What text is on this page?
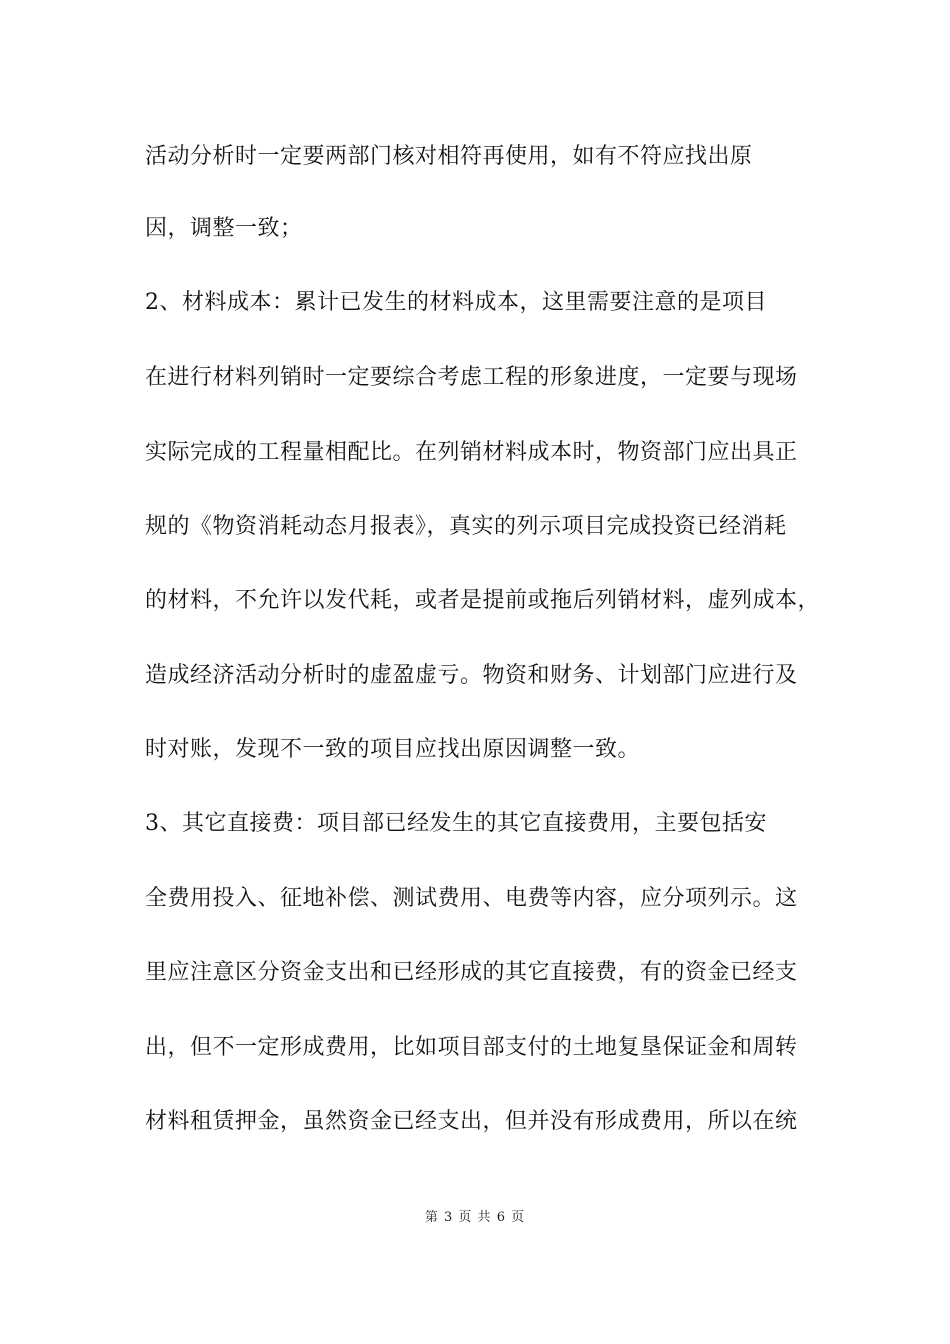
活动分析时一定要两部门核对相符再使用，如有不符应找出原
因，调整一致；
2、材料成本：累计已发生的材料成本，这里需要注意的是项目
在进行材料列销时一定要综合考虑工程的形象进度，一定要与现场
实际完成的工程量相配比。在列销材料成本时，物资部门应出具正
规的《物资消耗动态月报表》，真实的列示项目完成投资已经消耗
的材料，不允许以发代耗，或者是提前或拖后列销材料，虚列成本，
造成经济活动分析时的虚盈虚亏。物资和财务、计划部门应进行及
时对账，发现不一致的项目应找出原因调整一致。
3、其它直接费：项目部已经发生的其它直接费用，主要包括安
全费用投入、征地补偿、测试费用、电费等内容，应分项列示。这
里应注意区分资金支出和已经形成的其它直接费，有的资金已经支
出，但不一定形成费用，比如项目部支付的土地复垦保证金和周转
材料租赁押金，虽然资金已经支出，但并没有形成费用，所以在统
第 3 页 共 6 页
